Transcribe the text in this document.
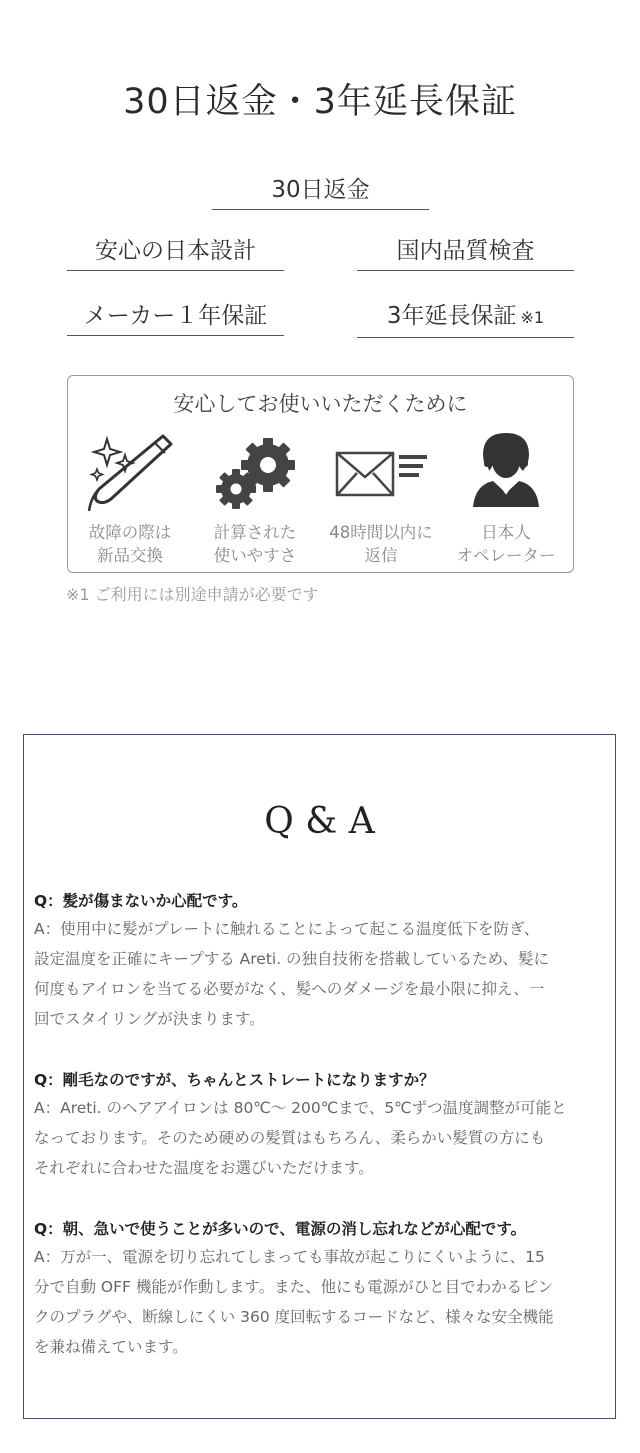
30日返金・3年延長保証
30日返金
安心の日本設計	国内品質検査
メーカー１年保証	3年延長保証 ※1
安心してお使いいただくために
故障の際は
新品交換
計算された
使いやすさ
48時間以内に
返信
日本人
オペレーター
※1 ご利用には別途申請が必要です
Q & A
Q：髪が傷まないか心配です。
A：使用中に髪がプレートに触れることによって起こる温度低下を防ぎ、
設定温度を正確にキープする Areti. の独自技術を搭載しているため、髪に
何度もアイロンを当てる必要がなく、髪へのダメージを最小限に抑え、一
回でスタイリングが決まります。
Q：剛毛なのですが、ちゃんとストレートになりますか？
A：Areti. のヘアアイロンは 80℃～ 200℃まで、5℃ずつ温度調整が可能と
なっております。そのため硬めの髪質はもちろん、柔らかい髪質の方にも
それぞれに合わせた温度をお選びいただけます。
Q：朝、急いで使うことが多いので、電源の消し忘れなどが心配です。
A：万が一、電源を切り忘れてしまっても事故が起こりにくいように、15
分で自動 OFF 機能が作動します。また、他にも電源がひと目でわかるピン
クのプラグや、断線しにくい 360 度回転するコードなど、様々な安全機能
を兼ね備えています。
